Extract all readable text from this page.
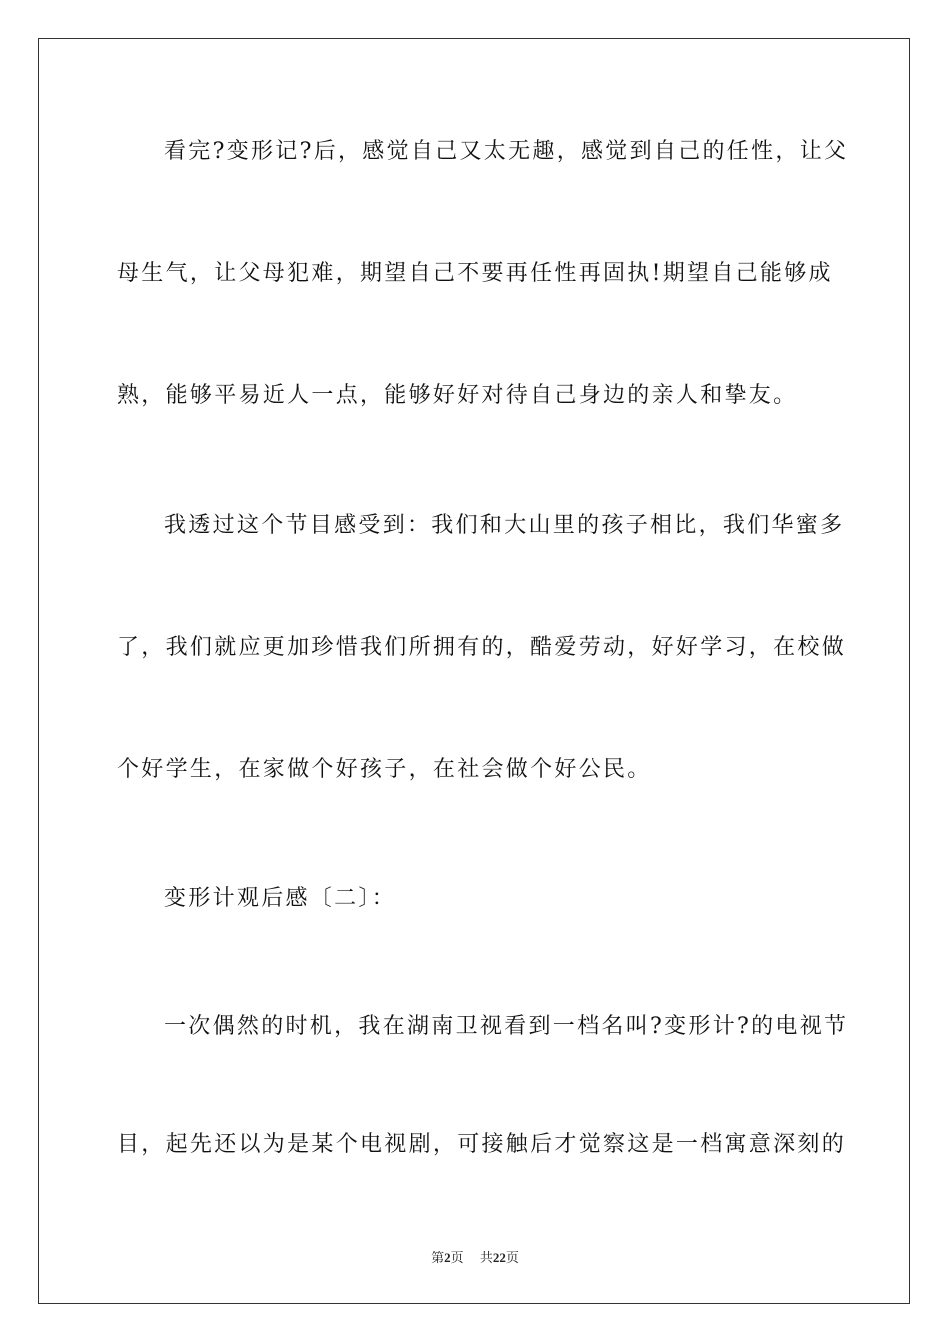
看完?变形记?后，感觉自己又太无趣，感觉到自己的任性，让父
母生气，让父母犯难，期望自己不要再任性再固执!期望自己能够成
熟，能够平易近人一点，能够好好对待自己身边的亲人和挚友。
我透过这个节目感受到：我们和大山里的孩子相比，我们华蜜多
了，我们就应更加珍惜我们所拥有的，酷爱劳动，好好学习，在校做
个好学生，在家做个好孩子，在社会做个好公民。
变形计观后感〔二〕：
一次偶然的时机，我在湖南卫视看到一档名叫?变形计?的电视节
目，起先还以为是某个电视剧，可接触后才觉察这是一档寓意深刻的
第2页 共22页
